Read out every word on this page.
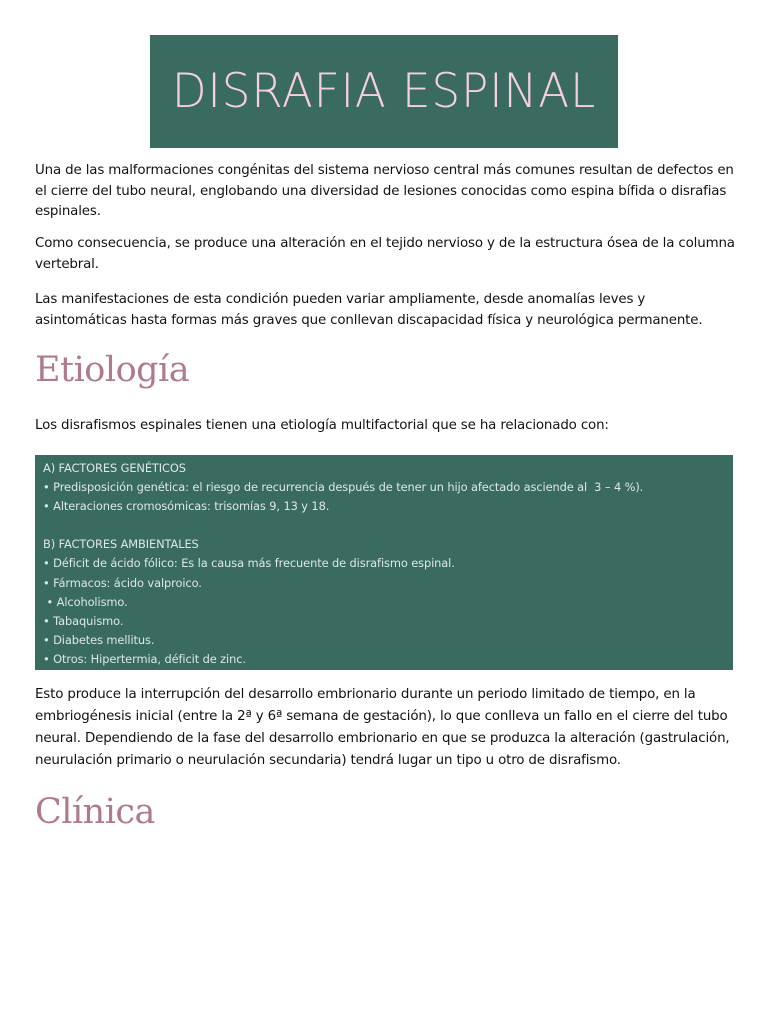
DISRAFIA ESPINAL

Una de las malformaciones congénitas del sistema nervioso central más comunes resultan de defectos en el cierre del tubo neural, englobando una diversidad de lesiones conocidas como espina bífida o disrafias espinales.

Como consecuencia, se produce una alteración en el tejido nervioso y de la estructura ósea de la columna vertebral.

Las manifestaciones de esta condición pueden variar ampliamente, desde anomalías leves y asintomáticas hasta formas más graves que conllevan discapacidad física y neurológica permanente.

Etiología

Los disrafismos espinales tienen una etiología multifactorial que se ha relacionado con:

A) FACTORES GENÉTICOS
• Predisposición genética: el riesgo de recurrencia después de tener un hijo afectado asciende al  3 – 4 %).
• Alteraciones cromosómicas: trisomías 9, 13 y 18.
B) FACTORES AMBIENTALES
• Déficit de ácido fólico: Es la causa más frecuente de disrafismo espinal.
• Fármacos: ácido valproico.
• Alcoholismo.
• Tabaquismo.
• Diabetes mellitus.
• Otros: Hipertermia, déficit de zinc.

Esto produce la interrupción del desarrollo embrionario durante un periodo limitado de tiempo, en la embriogénesis inicial (entre la 2ª y 6ª semana de gestación), lo que conlleva un fallo en el cierre del tubo neural. Dependiendo de la fase del desarrollo embrionario en que se produzca la alteración (gastrulación, neurulación primario o neurulación secundaria) tendrá lugar un tipo u otro de disrafismo.

Clínica
